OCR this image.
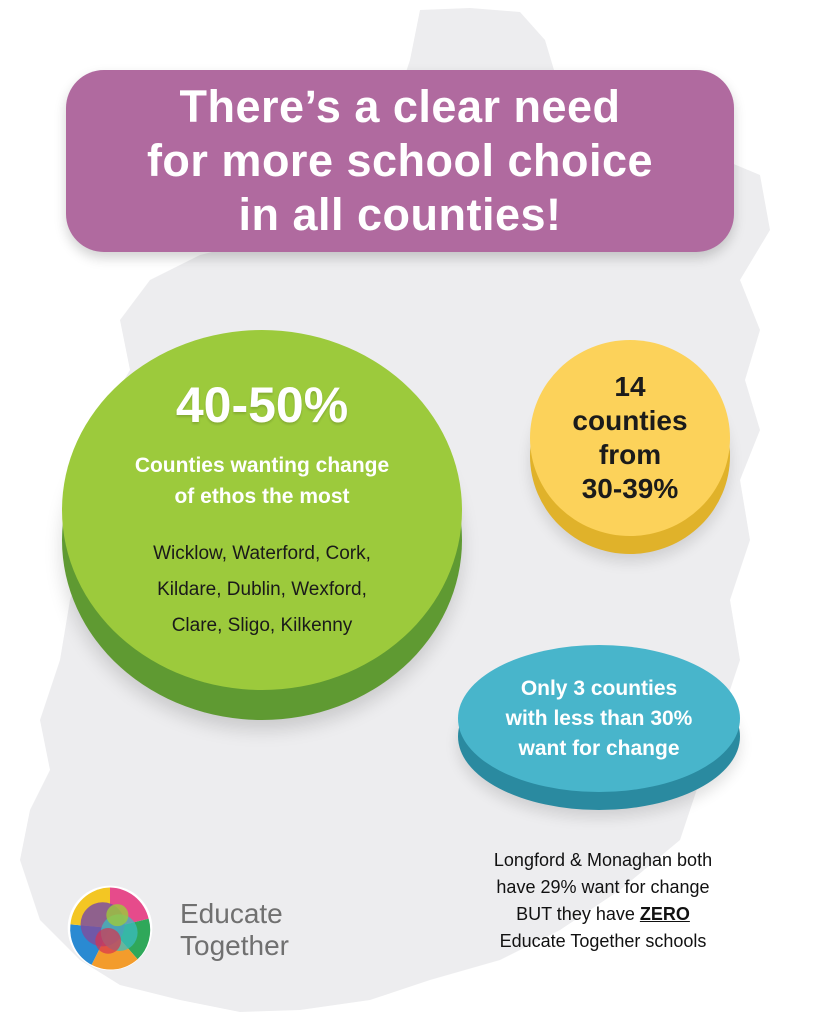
There’s a clear need
for more school choice
in all counties!
40-50%
Counties wanting change
of ethos the most
Wicklow, Waterford, Cork,
Kildare, Dublin, Wexford,
Clare, Sligo, Kilkenny
14
counties
from
30-39%
Only 3 counties
with less than 30%
want for change
Longford & Monaghan both
have 29% want for change
BUT they have ZERO
Educate Together schools
Educate
Together
